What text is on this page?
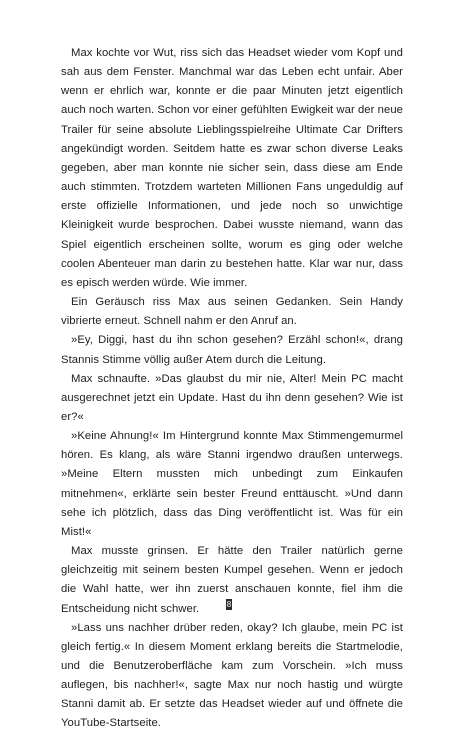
Max kochte vor Wut, riss sich das Headset wieder vom Kopf und sah aus dem Fenster. Manchmal war das Leben echt unfair. Aber wenn er ehrlich war, konnte er die paar Minuten jetzt eigentlich auch noch warten. Schon vor einer gefühlten Ewigkeit war der neue Trailer für seine absolute Lieblingsspielreihe Ultimate Car Drifters angekündigt worden. Seitdem hatte es zwar schon diverse Leaks gegeben, aber man konnte nie sicher sein, dass diese am Ende auch stimmten. Trotzdem warteten Millionen Fans ungeduldig auf erste offizielle Informationen, und jede noch so unwichtige Kleinigkeit wurde besprochen. Dabei wusste niemand, wann das Spiel eigentlich erscheinen sollte, worum es ging oder welche coolen Abenteuer man darin zu bestehen hatte. Klar war nur, dass es episch werden würde. Wie immer.

Ein Geräusch riss Max aus seinen Gedanken. Sein Handy vibrierte erneut. Schnell nahm er den Anruf an.

»Ey, Diggi, hast du ihn schon gesehen? Erzähl schon!«, drang Stannis Stimme völlig außer Atem durch die Leitung.

Max schnaufte. »Das glaubst du mir nie, Alter! Mein PC macht ausgerechnet jetzt ein Update. Hast du ihn denn gesehen? Wie ist er?«

»Keine Ahnung!« Im Hintergrund konnte Max Stimmengemurmel hören. Es klang, als wäre Stanni irgendwo draußen unterwegs. »Meine Eltern mussten mich unbedingt zum Einkaufen mitnehmen«, erklärte sein bester Freund enttäuscht. »Und dann sehe ich plötzlich, dass das Ding veröffentlicht ist. Was für ein Mist!«

Max musste grinsen. Er hätte den Trailer natürlich gerne gleichzeitig mit seinem besten Kumpel gesehen. Wenn er jedoch die Wahl hatte, wer ihn zuerst anschauen konnte, fiel ihm die Entscheidung nicht schwer.

»Lass uns nachher drüber reden, okay? Ich glaube, mein PC ist gleich fertig.« In diesem Moment erklang bereits die Startmelodie, und die Benutzeroberfläche kam zum Vorschein. »Ich muss auflegen, bis nachher!«, sagte Max nur noch hastig und würgte Stanni damit ab. Er setzte das Headset wieder auf und öffnete die YouTube-Startseite.

8
